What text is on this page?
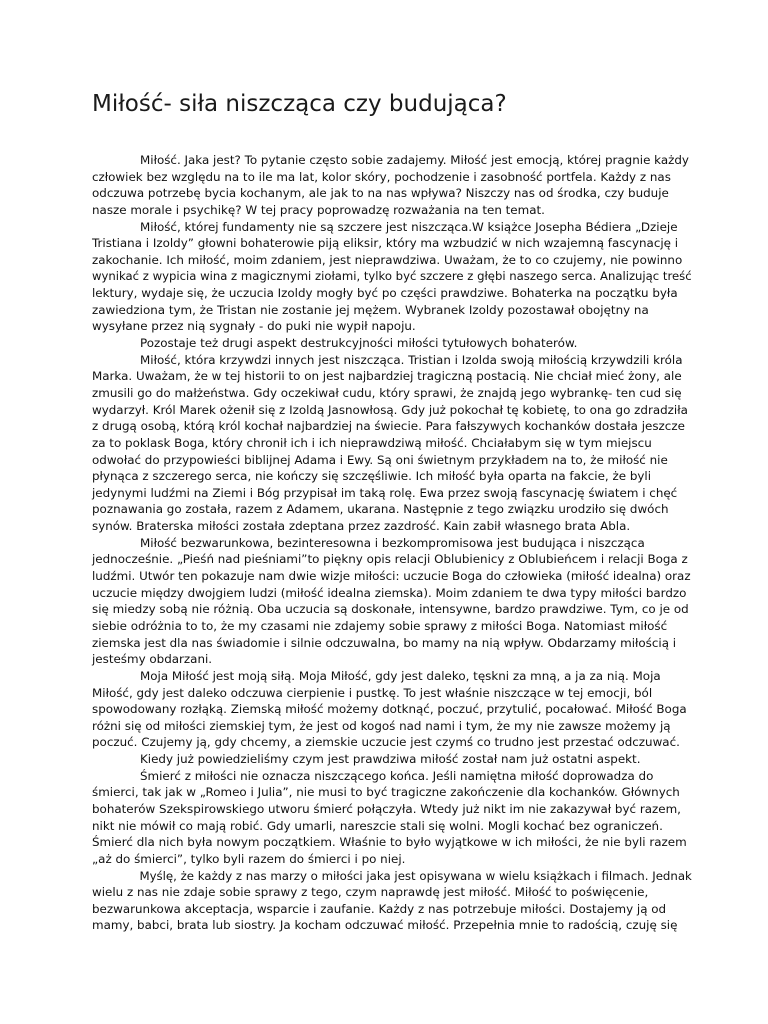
Miłość- siła niszcząca czy budująca?
Miłość. Jaka jest? To pytanie często sobie zadajemy. Miłość jest emocją, której pragnie każdy
człowiek bez względu na to ile ma lat, kolor skóry, pochodzenie i zasobność portfela. Każdy z nas
odczuwa potrzebę bycia kochanym, ale jak to na nas wpływa? Niszczy nas od środka, czy buduje
nasze morale i psychikę? W tej pracy poprowadzę rozważania na ten temat.
Miłość, której fundamenty nie są szczere jest niszcząca.W książce Josepha Bédiera „Dzieje
Tristiana i Izoldy” głowni bohaterowie piją eliksir, który ma wzbudzić w nich wzajemną fascynację i
zakochanie. Ich miłość, moim zdaniem, jest nieprawdziwa. Uważam, że to co czujemy, nie powinno
wynikać z wypicia wina z magicznymi ziołami, tylko być szczere z głębi naszego serca. Analizując treść
lektury, wydaje się, że uczucia Izoldy mogły być po części prawdziwe. Bohaterka na początku była
zawiedziona tym, że Tristan nie zostanie jej mężem. Wybranek Izoldy pozostawał obojętny na
wysyłane przez nią sygnały - do puki nie wypił napoju.
Pozostaje też drugi aspekt destrukcyjności miłości tytułowych bohaterów.
Miłość, która krzywdzi innych jest niszcząca. Tristian i Izolda swoją miłością krzywdzili króla
Marka. Uważam, że w tej historii to on jest najbardziej tragiczną postacią. Nie chciał mieć żony, ale
zmusili go do małżeństwa. Gdy oczekiwał cudu, który sprawi, że znajdą jego wybrankę- ten cud się
wydarzył. Król Marek ożenił się z Izoldą Jasnowłosą. Gdy już pokochał tę kobietę, to ona go zdradziła
z drugą osobą, którą król kochał najbardziej na świecie. Para fałszywych kochanków dostała jeszcze
za to poklask Boga, który chronił ich i ich nieprawdziwą miłość. Chciałabym się w tym miejscu
odwołać do przypowieści biblijnej Adama i Ewy. Są oni świetnym przykładem na to, że miłość nie
płynąca z szczerego serca, nie kończy się szczęśliwie. Ich miłość była oparta na fakcie, że byli
jedynymi ludźmi na Ziemi i Bóg przypisał im taką rolę. Ewa przez swoją fascynację światem i chęć
poznawania go została, razem z Adamem, ukarana. Następnie z tego związku urodziło się dwóch
synów. Braterska miłości została zdeptana przez zazdrość. Kain zabił własnego brata Abla.
Miłość bezwarunkowa, bezinteresowna i bezkompromisowa jest budująca i niszcząca
jednocześnie. „Pieśń nad pieśniami”to piękny opis relacji Oblubienicy z Oblubieńcem i relacji Boga z
ludźmi. Utwór ten pokazuje nam dwie wizje miłości: uczucie Boga do człowieka (miłość idealna) oraz
uczucie między dwojgiem ludzi (miłość idealna ziemska). Moim zdaniem te dwa typy miłości bardzo
się miedzy sobą nie różnią. Oba uczucia są doskonałe, intensywne, bardzo prawdziwe. Tym, co je od
siebie odróżnia to to, że my czasami nie zdajemy sobie sprawy z miłości Boga. Natomiast miłość
ziemska jest dla nas świadomie i silnie odczuwalna, bo mamy na nią wpływ. Obdarzamy miłością i
jesteśmy obdarzani.
Moja Miłość jest moją siłą. Moja Miłość, gdy jest daleko, tęskni za mną, a ja za nią. Moja
Miłość, gdy jest daleko odczuwa cierpienie i pustkę. To jest właśnie niszczące w tej emocji, ból
spowodowany rozłąką. Ziemską miłość możemy dotknąć, poczuć, przytulić, pocałować. Miłość Boga
różni się od miłości ziemskiej tym, że jest od kogoś nad nami i tym, że my nie zawsze możemy ją
poczuć. Czujemy ją, gdy chcemy, a ziemskie uczucie jest czymś co trudno jest przestać odczuwać.
Kiedy już powiedzieliśmy czym jest prawdziwa miłość został nam już ostatni aspekt.
Śmierć z miłości nie oznacza niszczącego końca. Jeśli namiętna miłość doprowadza do
śmierci, tak jak w „Romeo i Julia”, nie musi to być tragiczne zakończenie dla kochanków. Głównych
bohaterów Szekspirowskiego utworu śmierć połączyła. Wtedy już nikt im nie zakazywał być razem,
nikt nie mówił co mają robić. Gdy umarli, nareszcie stali się wolni. Mogli kochać bez ograniczeń.
Śmierć dla nich była nowym początkiem. Właśnie to było wyjątkowe w ich miłości, że nie byli razem
„aż do śmierci”, tylko byli razem do śmierci i po niej.
Myślę, że każdy z nas marzy o miłości jaka jest opisywana w wielu książkach i filmach. Jednak
wielu z nas nie zdaje sobie sprawy z tego, czym naprawdę jest miłość. Miłość to poświęcenie,
bezwarunkowa akceptacja, wsparcie i zaufanie. Każdy z nas potrzebuje miłości. Dostajemy ją od
mamy, babci, brata lub siostry. Ja kocham odczuwać miłość. Przepełnia mnie to radością, czuję się
